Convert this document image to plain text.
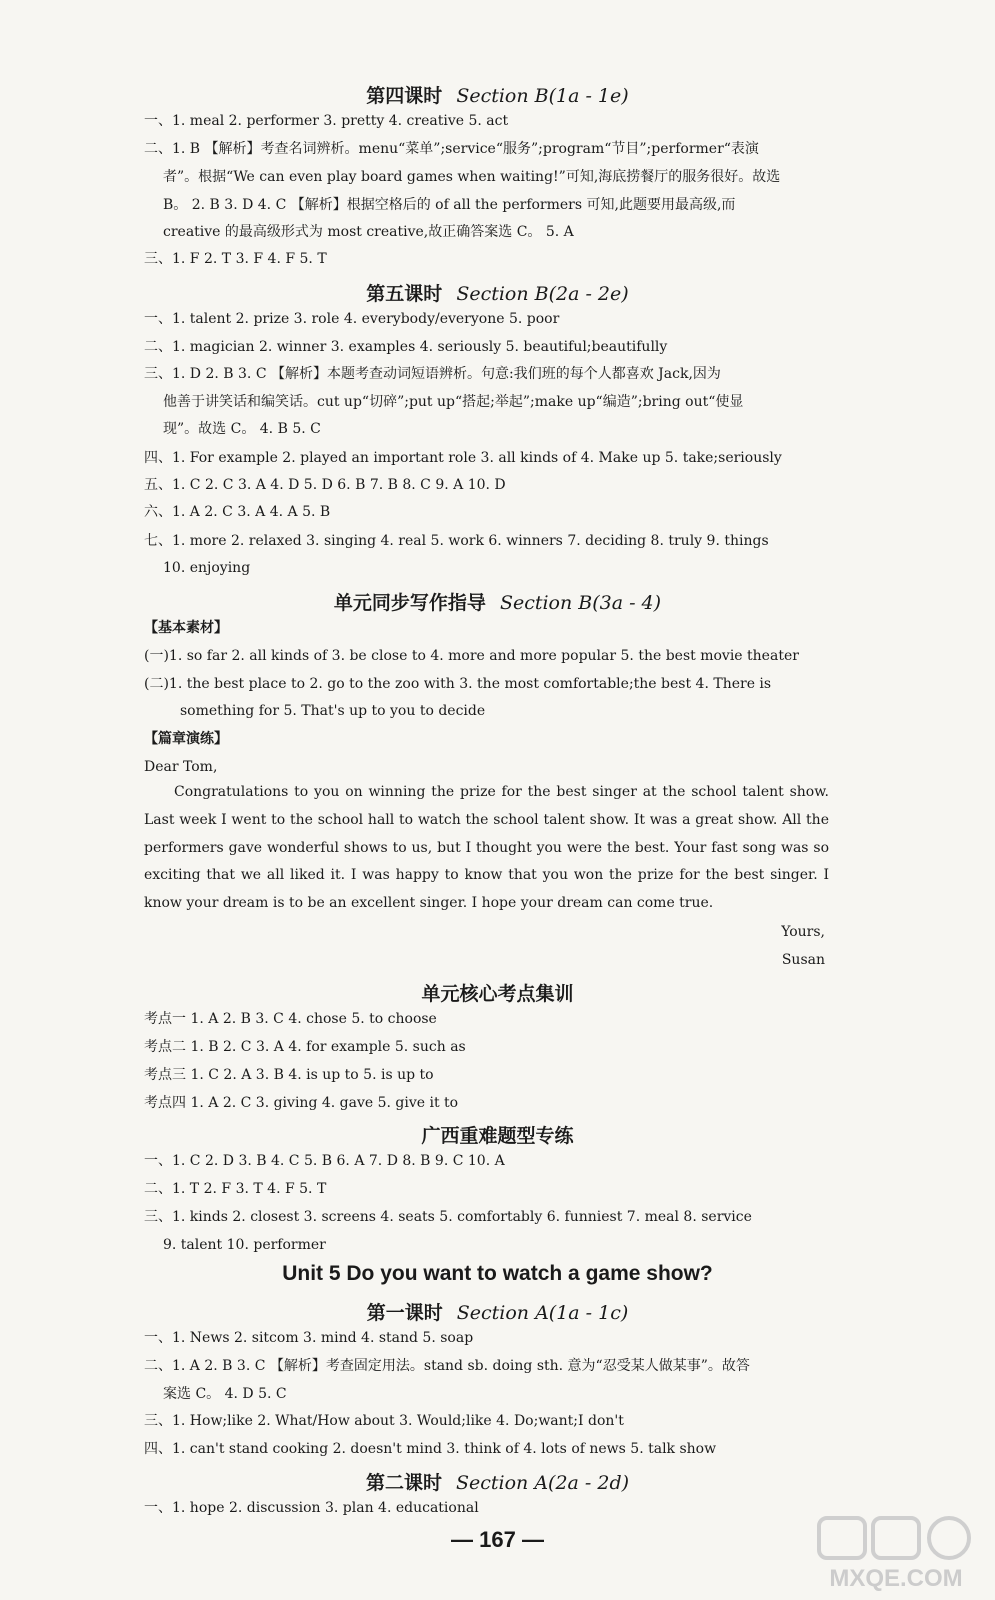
第四课时 Section B(1a - 1e)
一、1. meal 2. performer 3. pretty 4. creative 5. act
二、1. B 【解析】考查名词辨析。menu“菜单”;service“服务”;program“节目”;performer“表演
者”。根据“We can even play board games when waiting!”可知,海底捞餐厅的服务很好。故选
B。 2. B 3. D 4. C 【解析】根据空格后的 of all the performers 可知,此题要用最高级,而
creative 的最高级形式为 most creative,故正确答案选 C。 5. A
三、1. F 2. T 3. F 4. F 5. T
第五课时 Section B(2a - 2e)
一、1. talent 2. prize 3. role 4. everybody/everyone 5. poor
二、1. magician 2. winner 3. examples 4. seriously 5. beautiful;beautifully
三、1. D 2. B 3. C 【解析】本题考查动词短语辨析。句意:我们班的每个人都喜欢 Jack,因为
他善于讲笑话和编笑话。cut up“切碎”;put up“搭起;举起”;make up“编造”;bring out“使显
现”。故选 C。 4. B 5. C
四、1. For example 2. played an important role 3. all kinds of 4. Make up 5. take;seriously
五、1. C 2. C 3. A 4. D 5. D 6. B 7. B 8. C 9. A 10. D
六、1. A 2. C 3. A 4. A 5. B
七、1. more 2. relaxed 3. singing 4. real 5. work 6. winners 7. deciding 8. truly 9. things
10. enjoying
单元同步写作指导 Section B(3a - 4)
【基本素材】
(一)1. so far 2. all kinds of 3. be close to 4. more and more popular 5. the best movie theater
(二)1. the best place to 2. go to the zoo with 3. the most comfortable;the best 4. There is
something for 5. That's up to you to decide
【篇章演练】
Dear Tom,
Congratulations to you on winning the prize for the best singer at the school talent show. Last week I went to the school hall to watch the school talent show. It was a great show. All the performers gave wonderful shows to us, but I thought you were the best. Your fast song was so exciting that we all liked it. I was happy to know that you won the prize for the best singer. I know your dream is to be an excellent singer. I hope your dream can come true.
Yours,
Susan
单元核心考点集训
考点一 1. A 2. B 3. C 4. chose 5. to choose
考点二 1. B 2. C 3. A 4. for example 5. such as
考点三 1. C 2. A 3. B 4. is up to 5. is up to
考点四 1. A 2. C 3. giving 4. gave 5. give it to
广西重难题型专练
一、1. C 2. D 3. B 4. C 5. B 6. A 7. D 8. B 9. C 10. A
二、1. T 2. F 3. T 4. F 5. T
三、1. kinds 2. closest 3. screens 4. seats 5. comfortably 6. funniest 7. meal 8. service
9. talent 10. performer
Unit 5 Do you want to watch a game show?
第一课时 Section A(1a - 1c)
一、1. News 2. sitcom 3. mind 4. stand 5. soap
二、1. A 2. B 3. C 【解析】考查固定用法。stand sb. doing sth. 意为“忍受某人做某事”。故答
案选 C。 4. D 5. C
三、1. How;like 2. What/How about 3. Would;like 4. Do;want;I don't
四、1. can't stand cooking 2. doesn't mind 3. think of 4. lots of news 5. talk show
第二课时 Section A(2a - 2d)
一、1. hope 2. discussion 3. plan 4. educational
— 167 —
MXQE.COM
